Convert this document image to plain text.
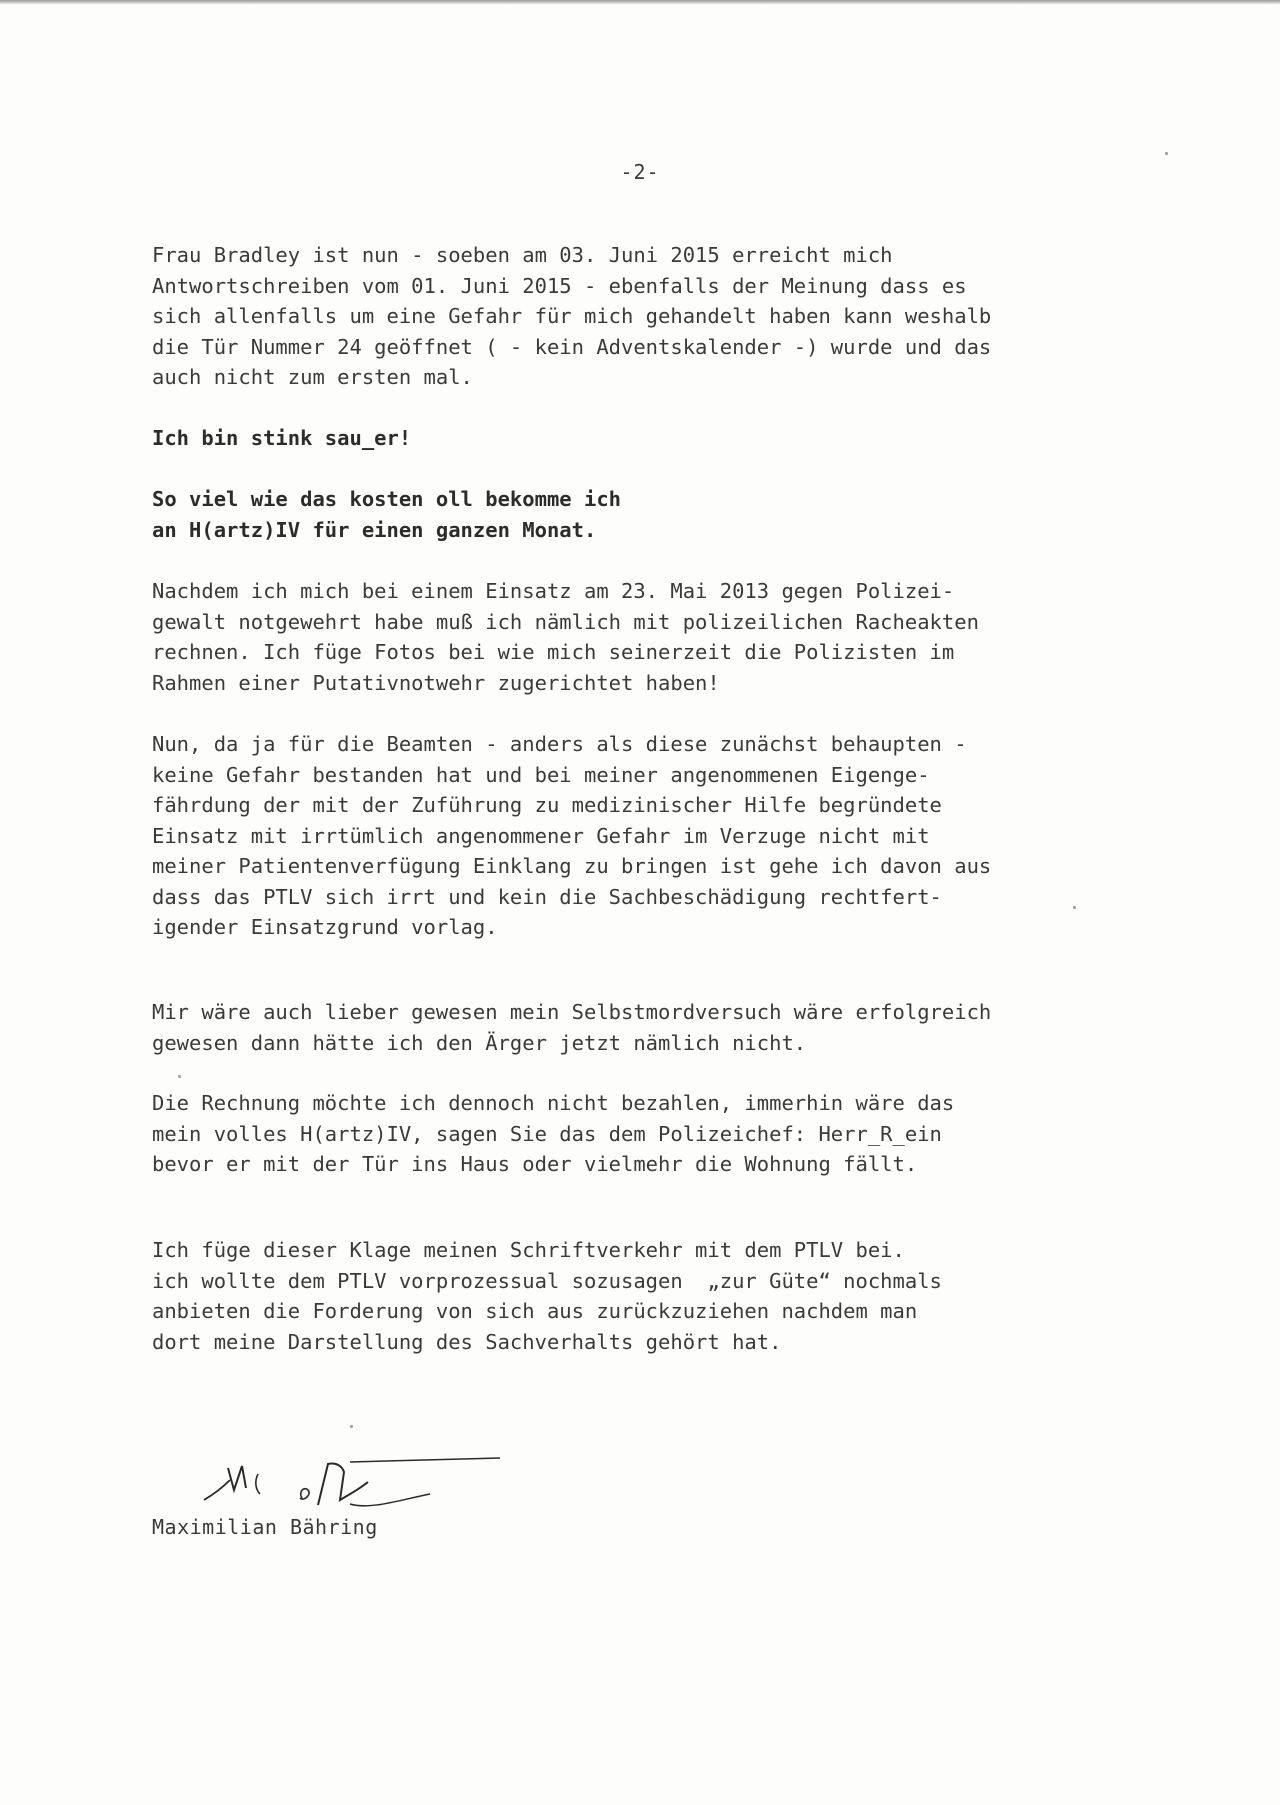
-2-
Frau Bradley ist nun - soeben am 03. Juni 2015 erreicht mich
Antwortschreiben vom 01. Juni 2015 - ebenfalls der Meinung dass es
sich allenfalls um eine Gefahr für mich gehandelt haben kann weshalb
die Tür Nummer 24 geöffnet ( - kein Adventskalender -) wurde und das
auch nicht zum ersten mal.
Ich bin stink sau_er!
So viel wie das kosten oll bekomme ich
an H(artz)IV für einen ganzen Monat.
Nachdem ich mich bei einem Einsatz am 23. Mai 2013 gegen Polizei-
gewalt notgewehrt habe muß ich nämlich mit polizeilichen Racheakten
rechnen. Ich füge Fotos bei wie mich seinerzeit die Polizisten im
Rahmen einer Putativnotwehr zugerichtet haben!
Nun, da ja für die Beamten - anders als diese zunächst behaupten -
keine Gefahr bestanden hat und bei meiner angenommenen Eigenge-
fährdung der mit der Zuführung zu medizinischer Hilfe begründete
Einsatz mit irrtümlich angenommener Gefahr im Verzuge nicht mit
meiner Patientenverfügung Einklang zu bringen ist gehe ich davon aus
dass das PTLV sich irrt und kein die Sachbeschädigung rechtfert-
igender Einsatzgrund vorlag.
Mir wäre auch lieber gewesen mein Selbstmordversuch wäre erfolgreich
gewesen dann hätte ich den Ärger jetzt nämlich nicht.
Die Rechnung möchte ich dennoch nicht bezahlen, immerhin wäre das
mein volles H(artz)IV, sagen Sie das dem Polizeichef: Herr_R_ein
bevor er mit der Tür ins Haus oder vielmehr die Wohnung fällt.
Ich füge dieser Klage meinen Schriftverkehr mit dem PTLV bei.
ich wollte dem PTLV vorprozessual sozusagen  „zur Güte“ nochmals
anbieten die Forderung von sich aus zurückzuziehen nachdem man
dort meine Darstellung des Sachverhalts gehört hat.

Maximilian Bähring
